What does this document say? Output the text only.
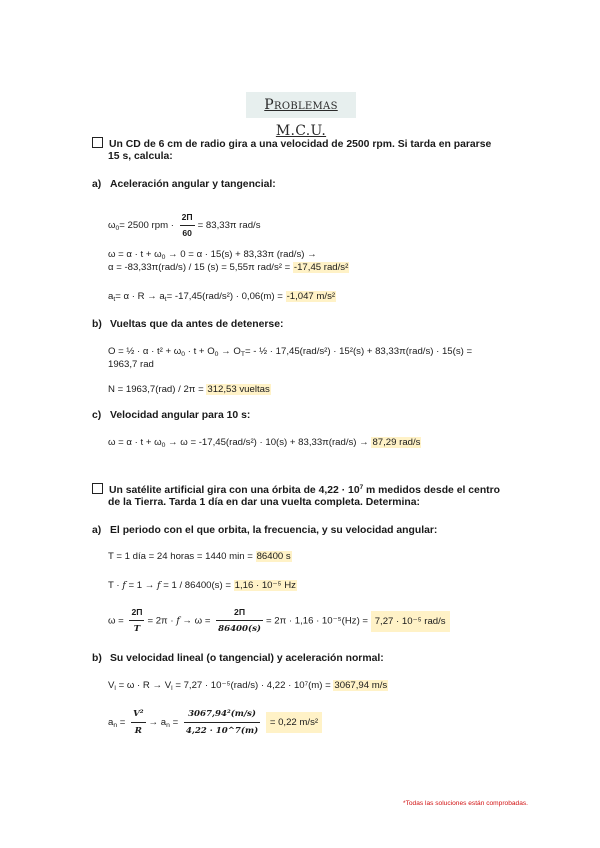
Problemas M.C.U.
Un CD de 6 cm de radio gira a una velocidad de 2500 rpm. Si tarda en pararse
15 s, calcula:
a) Aceleración angular y tangencial:
$\omega_0= 2500$ rpm · $\frac{2\Pi}{60} = 83,33\pi$ rad/s
$\omega = \alpha \cdot t + \omega_0 \to 0 = \alpha \cdot 15(s) + 83,33\pi$ (rad/s) →
α = -83,33π(rad/s) / 15 (s) = 5,55π rad/s² = -17,45 rad/s²
$a_t= \alpha \cdot R \to a_t= -17,45(rad/s^2) \cdot 0,06(m) = -1,047$ m/s²
b) Vueltas que da antes de detenerse:
O = ½ · $\alpha \cdot t^2 + \omega_0 \cdot t + O_0 \to O_T=$ - ½ · 17,45(rad/s²) · 15²(s) + 83,33π(rad/s) · 15(s) =
1963,7 rad
N = 1963,7(rad) / 2π = 312,53 vueltas
c) Velocidad angular para 10 s:
$\omega = \alpha \cdot t + \omega_0 \to \omega = -17,45(rad/s^2) \cdot 10(s) + 83,33\pi(rad/s) \to 87,29$ rad/s
Un satélite artificial gira con una órbita de $4,22 \cdot 10^7$ m medidos desde el centro
de la Tierra. Tarda 1 día en dar una vuelta completa. Determina:
a) El periodo con el que orbita, la frecuencia, y su velocidad angular:
T = 1 día = 24 horas = 1440 min = 86400 s
T · f = 1 → f = 1 / 86400(s) = 1,16 · 10⁻⁵ Hz
$\omega = \frac{2\Pi}{T} = 2\pi \cdot f \to \omega = \frac{2\Pi}{86400(s)} = 2\pi \cdot 1,16 \cdot 10^{-5}(Hz) = 7,27 \cdot 10^{-5}$ rad/s
b) Su velocidad lineal (o tangencial) y aceleración normal:
$V_l = \omega \cdot R \to V_l = 7,27 \cdot 10^{-5}(rad/s) \cdot 4,22 \cdot 10^7(m) = 3067,94$ m/s
$a_n = \frac{\text{V²}}{R} \to a_n = \frac{\text{3067,94²(m/s)}}{4,22 \cdot 10\^{}7(m)} = 0,22$ m/s²
*Todas las soluciones están comprobadas.
